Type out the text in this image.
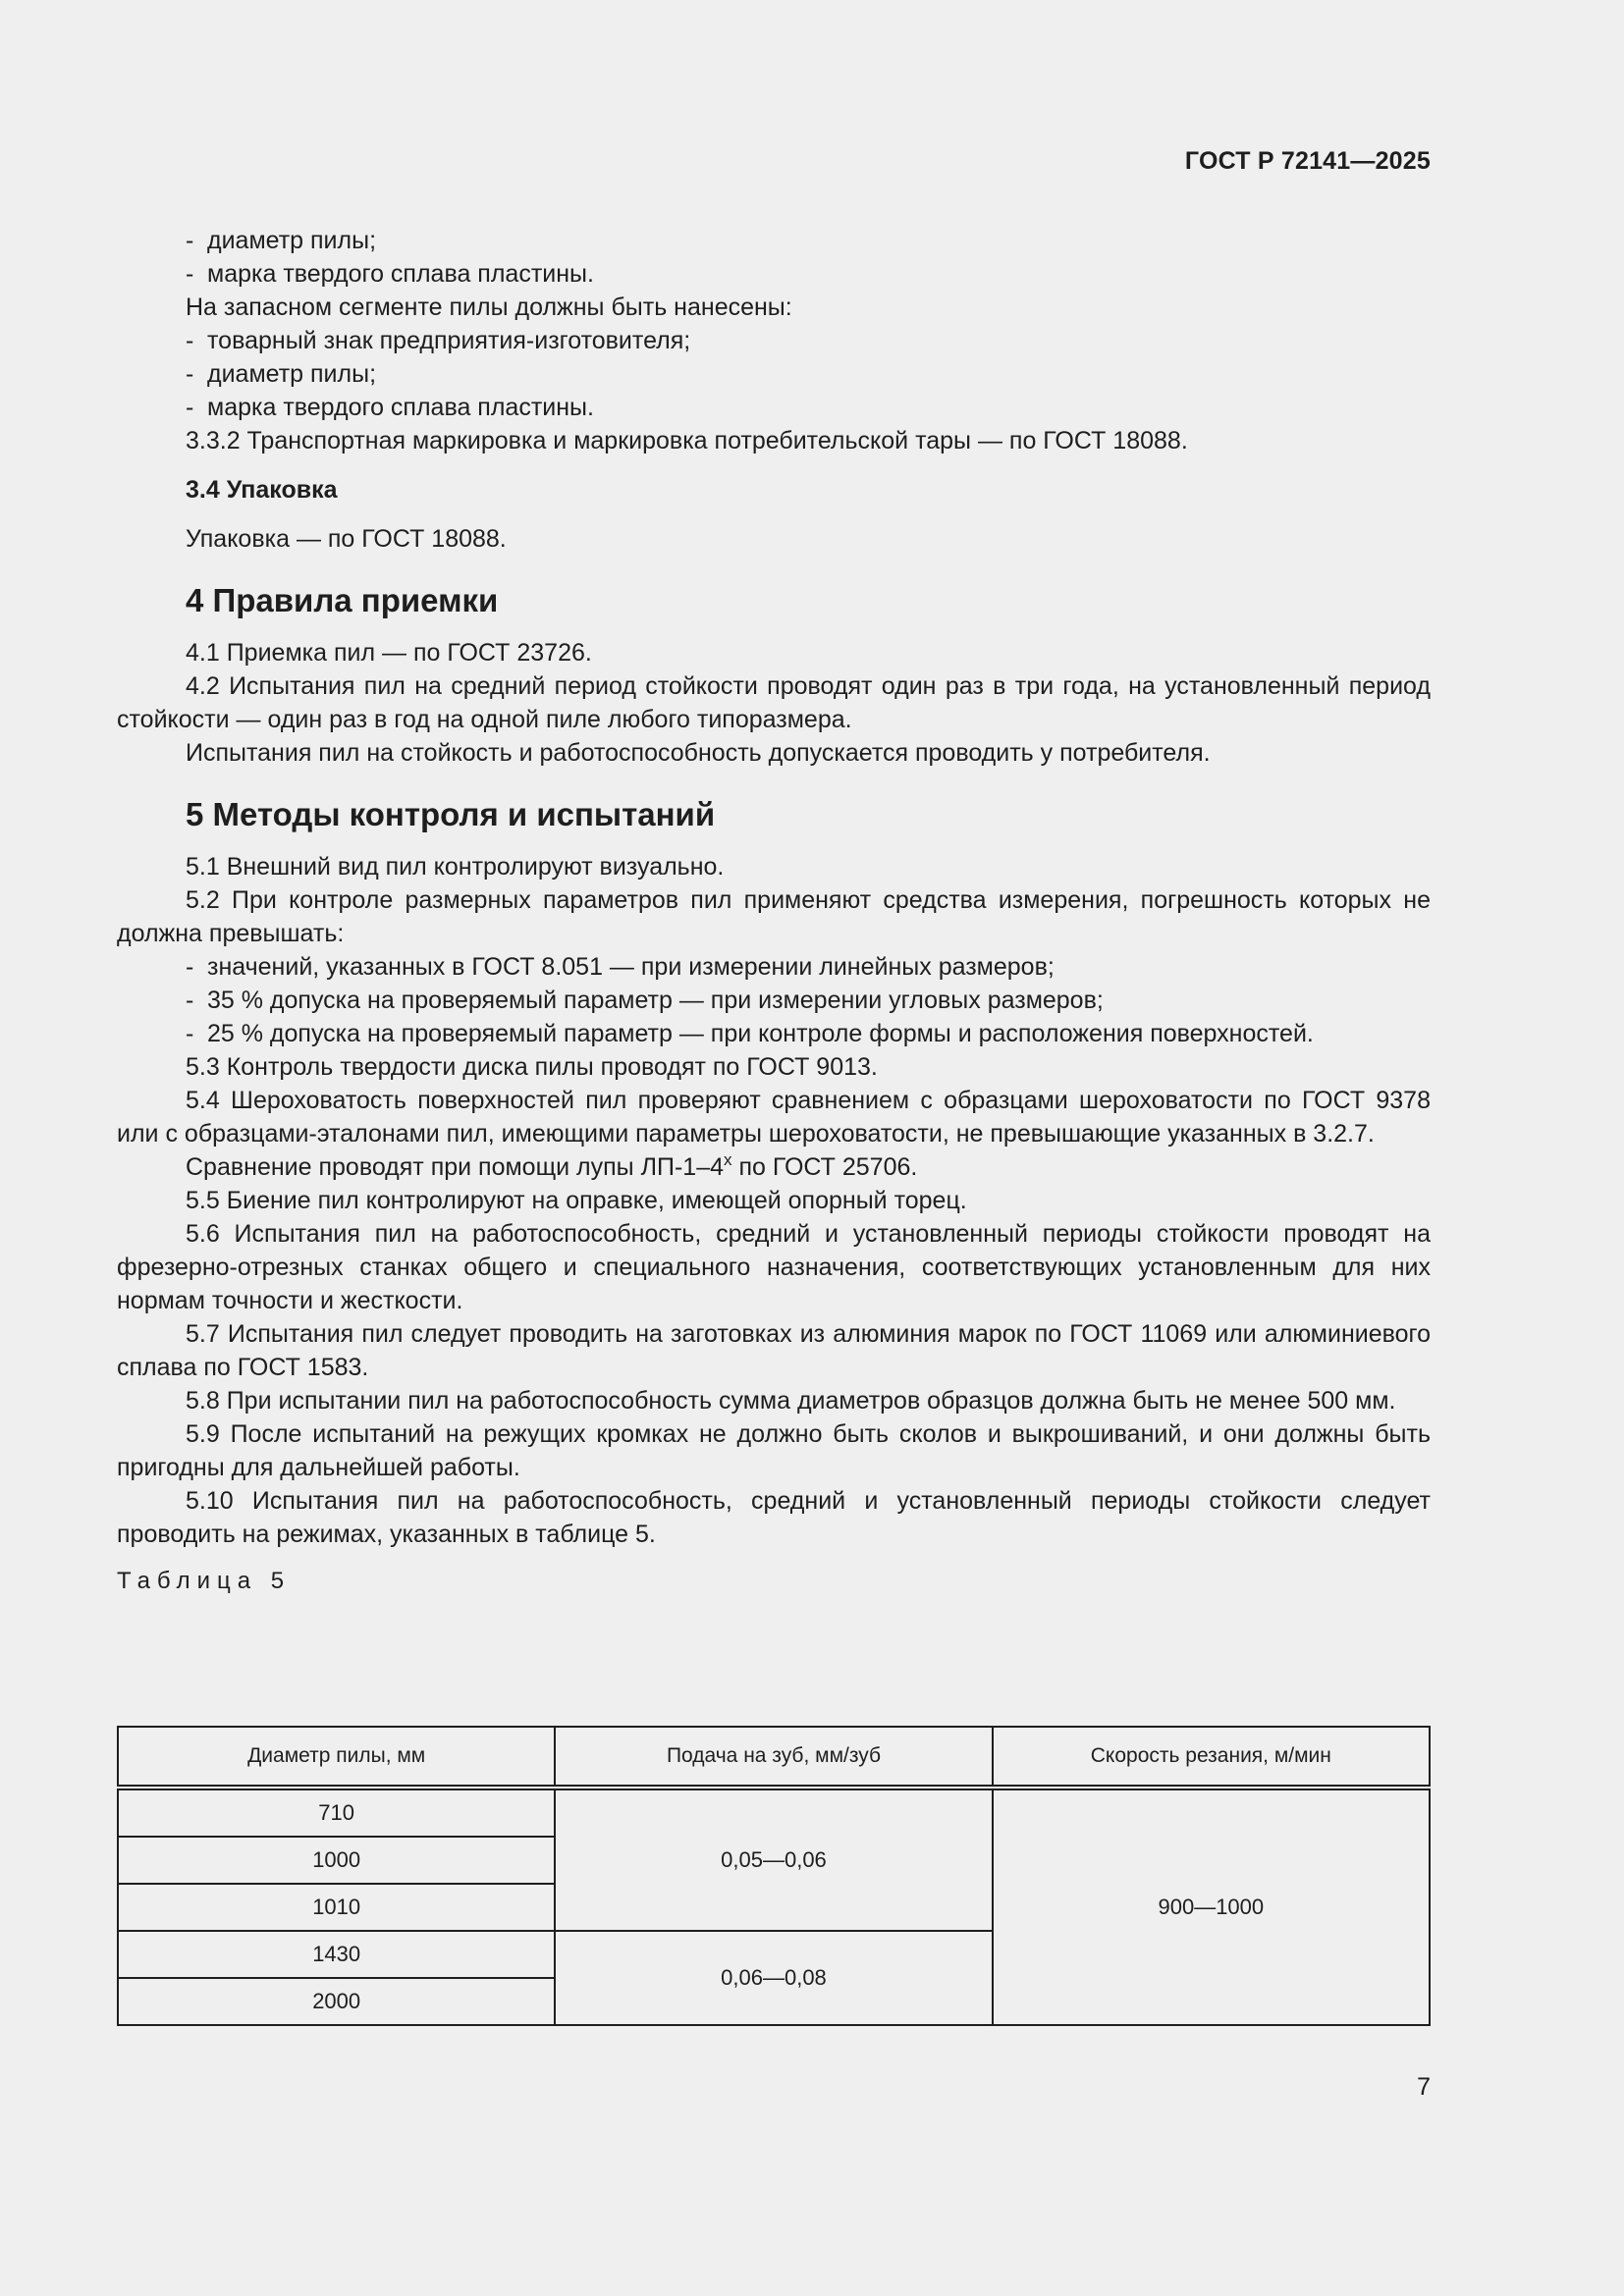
ГОСТ Р 72141—2025

- диаметр пилы;

- марка твердого сплава пластины.

На запасном сегменте пилы должны быть нанесены:

- товарный знак предприятия-изготовителя;

- диаметр пилы;

- марка твердого сплава пластины.

3.3.2 Транспортная маркировка и маркировка потребительской тары — по ГОСТ 18088.

3.4 Упаковка

Упаковка — по ГОСТ 18088.

4 Правила приемки

4.1 Приемка пил — по ГОСТ 23726.

4.2 Испытания пил на средний период стойкости проводят один раз в три года, на установленный период стойкости — один раз в год на одной пиле любого типоразмера.

Испытания пил на стойкость и работоспособность допускается проводить у потребителя.

5 Методы контроля и испытаний

5.1 Внешний вид пил контролируют визуально.

5.2 При контроле размерных параметров пил применяют средства измерения, погрешность которых не должна превышать:

- значений, указанных в ГОСТ 8.051 — при измерении линейных размеров;

- 35 % допуска на проверяемый параметр — при измерении угловых размеров;

- 25 % допуска на проверяемый параметр — при контроле формы и расположения поверхностей.

5.3 Контроль твердости диска пилы проводят по ГОСТ 9013.

5.4 Шероховатость поверхностей пил проверяют сравнением с образцами шероховатости по ГОСТ 9378 или с образцами-эталонами пил, имеющими параметры шероховатости, не превышающие указанных в 3.2.7.

Сравнение проводят при помощи лупы $ЛП-1-4^х$ по ГОСТ 25706.

5.5 Биение пил контролируют на оправке, имеющей опорный торец.

5.6 Испытания пил на работоспособность, средний и установленный периоды стойкости проводят на фрезерно-отрезных станках общего и специального назначения, соответствующих установленным для них нормам точности и жесткости.

5.7 Испытания пил следует проводить на заготовках из алюминия марок по ГОСТ 11069 или алюминиевого сплава по ГОСТ 1583.

5.8 При испытании пил на работоспособность сумма диаметров образцов должна быть не менее 500 мм.

5.9 После испытаний на режущих кромках не должно быть сколов и выкрошиваний, и они должны быть пригодны для дальнейшей работы.

5.10 Испытания пил на работоспособность, средний и установленный периоды стойкости следует проводить на режимах, указанных в таблице 5.

Таблица 5

Диаметр пилы, мм	Подача на зуб, мм/зуб	Скорость резания, м/мин
710	0,05—0,06	900—1000
1000		
1010		
1430	0,06—0,08	
2000		
7
